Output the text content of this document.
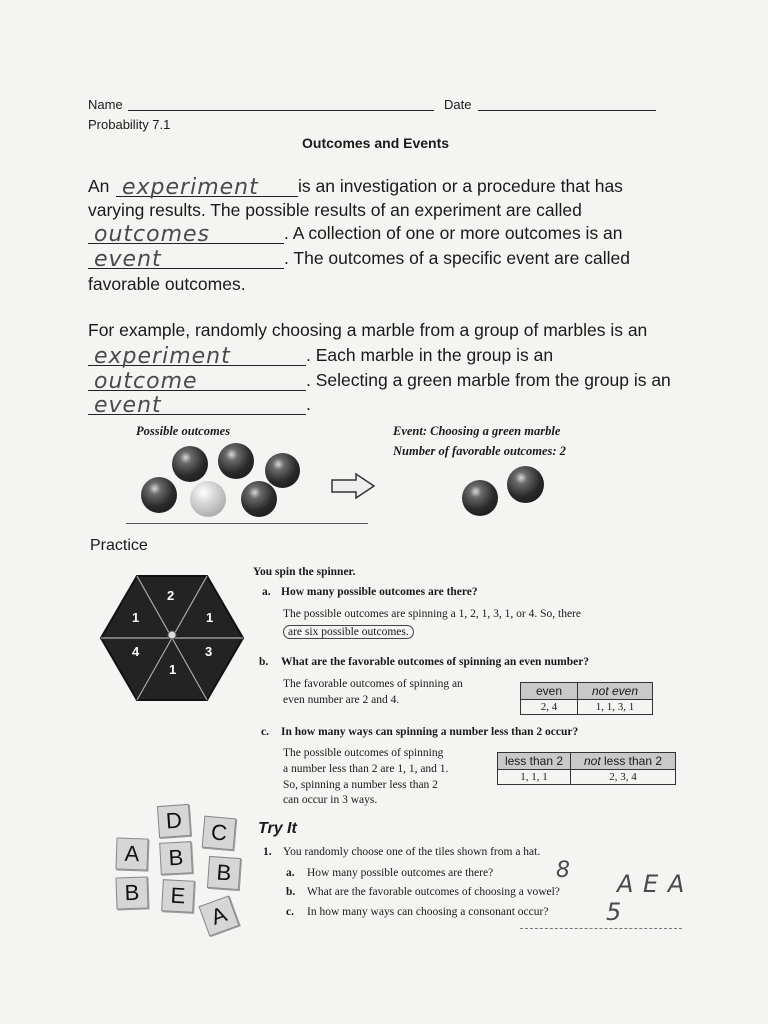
Name	Date
Probability 7.1
Outcomes and Events
An experiment is an investigation or a procedure that has
varying results. The possible results of an experiment are called
outcomes	. A collection of one or more outcomes is an
event	. The outcomes of a specific event are called
favorable outcomes.
For example, randomly choosing a marble from a group of marbles is an
experiment	. Each marble in the group is an
outcome	. Selecting a green marble from the group is an
event	.
Possible outcomes	Event: Choosing a green marble
Number of favorable outcomes: 2
Practice
2
1	1
4	3
1
You spin the spinner.
a. How many possible outcomes are there?
The possible outcomes are spinning a 1, 2, 1, 3, 1, or 4. So, there
are six possible outcomes.
b. What are the favorable outcomes of spinning an even number?
The favorable outcomes of spinning an
even number are 2 and 4.
even	not even
2, 4	1, 1, 3, 1
c. In how many ways can spinning a number less than 2 occur?
The possible outcomes of spinning
a number less than 2 are 1, 1, and 1.
So, spinning a number less than 2
can occur in 3 ways.
less than 2	not less than 2
1, 1, 1	2, 3, 4
D	C
A	B
B
B	E
A
Try It
1. You randomly choose one of the tiles shown from a hat.
a. How many possible outcomes are there?	8
b. What are the favorable outcomes of choosing a vowel? A E A
c. In how many ways can choosing a consonant occur? 5
